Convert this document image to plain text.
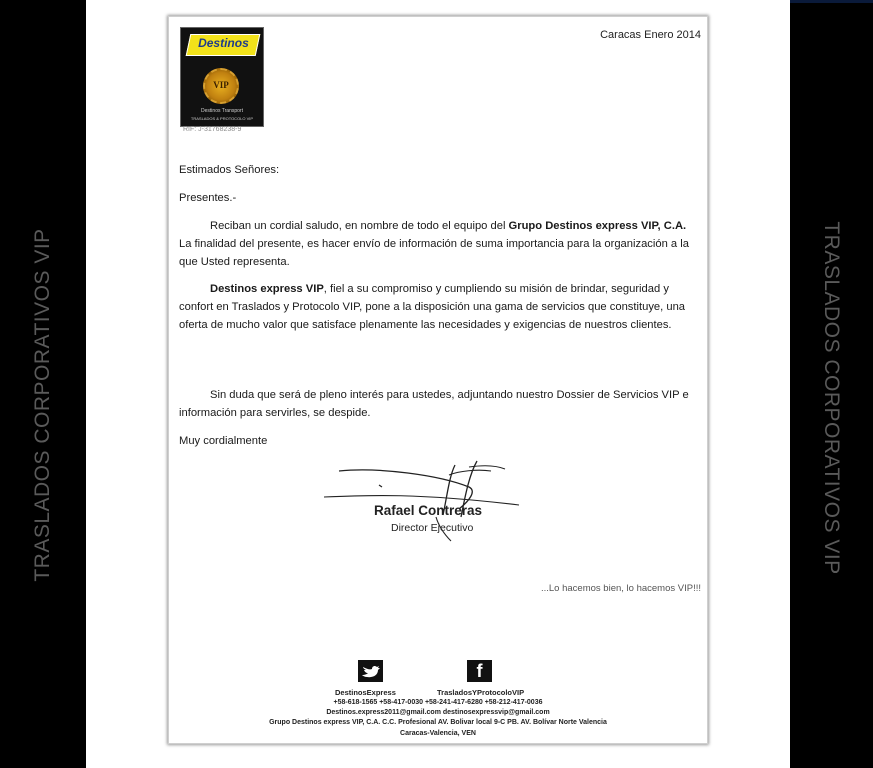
TRASLADOS CORPORATIVOS VIP	TRASLADOS CORPORATIVOS VIP
Destinos
VIP
Destinos Transport
TRASLADOS & PROTOCOLO VIP
RIF: J-31768238-9
Caracas Enero 2014
Estimados Señores:
Presentes.-
Reciban un cordial saludo, en nombre de todo el equipo del Grupo Destinos express VIP, C.A. La finalidad del presente, es hacer envío de información de suma importancia para la organización a la que Usted representa.
Destinos express VIP, fiel a su compromiso y cumpliendo su misión de brindar, seguridad y confort en Traslados y Protocolo VIP, pone a la disposición una gama de servicios que constituye, una oferta de mucho valor que satisface plenamente las necesidades y exigencias de nuestros clientes.
Sin duda que será de pleno interés para ustedes, adjuntando nuestro Dossier de Servicios VIP e información para servirles, se despide.
Muy cordialmente
Rafael Contreras
Director Ejecutivo
...Lo hacemos bien, lo hacemos VIP!!!
f
DestinosExpress	TrasladosYProtocoloVIP
+58-618-1565 +58-417-0030 +58-241-417-6280 +58-212-417-0036
Destinos.express2011@gmail.com destinosexpressvip@gmail.com
Grupo Destinos express VIP, C.A. C.C. Profesional AV. Bolivar local 9-C PB. AV. Bolívar Norte Valencia
Caracas-Valencia, VEN
